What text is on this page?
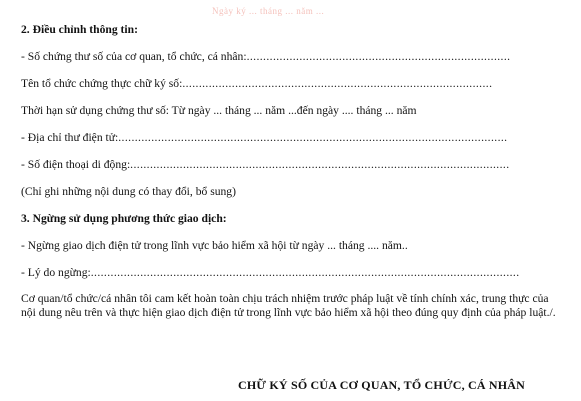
Ngày ký ... tháng ... năm ...
2. Điều chỉnh thông tin:
- Số chứng thư số của cơ quan, tổ chức, cá nhân: ................................................................................
Tên tổ chức chứng thực chữ ký số: ..............................................................................................
Thời hạn sử dụng chứng thư số: Từ ngày ... tháng ... năm ...đến ngày .... tháng ... năm
- Địa chỉ thư điện tử: ......................................................................................................................
- Số điện thoại di động: ...................................................................................................................
(Chỉ ghi những nội dung có thay đổi, bổ sung)
3. Ngừng sử dụng phương thức giao dịch:
- Ngừng giao dịch điện tử trong lĩnh vực bảo hiểm xã hội từ ngày ... tháng .... năm..
- Lý do ngừng: ..................................................................................................................................
Cơ quan/tổ chức/cá nhân tôi cam kết hoàn toàn chịu trách nhiệm trước pháp luật về tính chính xác, trung thực của nội dung nêu trên và thực hiện giao dịch điện tử trong lĩnh vực bảo hiểm xã hội theo đúng quy định của pháp luật./.
CHỮ KÝ SỐ CỦA CƠ QUAN, TỔ CHỨC, CÁ NHÂN
